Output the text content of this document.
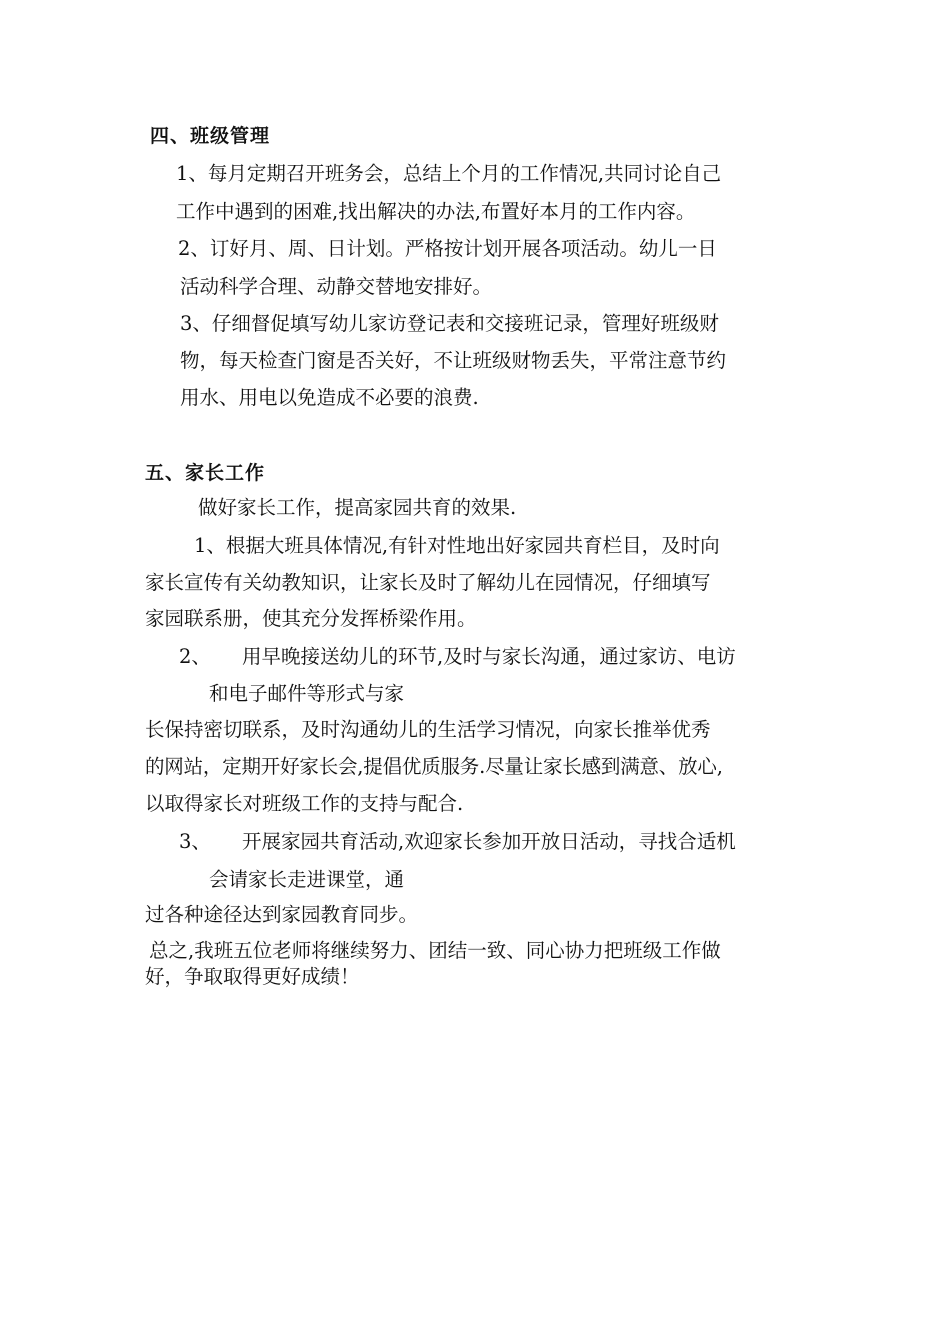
四、班级管理
1、每月定期召开班务会，总结上个月的工作情况,共同讨论自己
工作中遇到的困难,找出解决的办法,布置好本月的工作内容。
2、订好月、周、日计划。严格按计划开展各项活动。幼儿一日
活动科学合理、动静交替地安排好。
3、仔细督促填写幼儿家访登记表和交接班记录，管理好班级财
物，每天检查门窗是否关好，不让班级财物丢失，平常注意节约
用水、用电以免造成不必要的浪费.
五、家长工作
做好家长工作，提高家园共育的效果.
1、根据大班具体情况,有针对性地出好家园共育栏目，及时向
家长宣传有关幼教知识，让家长及时了解幼儿在园情况，仔细填写
家园联系册，使其充分发挥桥梁作用。
2、 用早晚接送幼儿的环节,及时与家长沟通，通过家访、电访
和电子邮件等形式与家
长保持密切联系，及时沟通幼儿的生活学习情况，向家长推举优秀
的网站，定期开好家长会,提倡优质服务.尽量让家长感到满意、放心,
以取得家长对班级工作的支持与配合.
3、 开展家园共育活动,欢迎家长参加开放日活动，寻找合适机
会请家长走进课堂，通
过各种途径达到家园教育同步。
总之,我班五位老师将继续努力、团结一致、同心协力把班级工作做
好，争取取得更好成绩！
